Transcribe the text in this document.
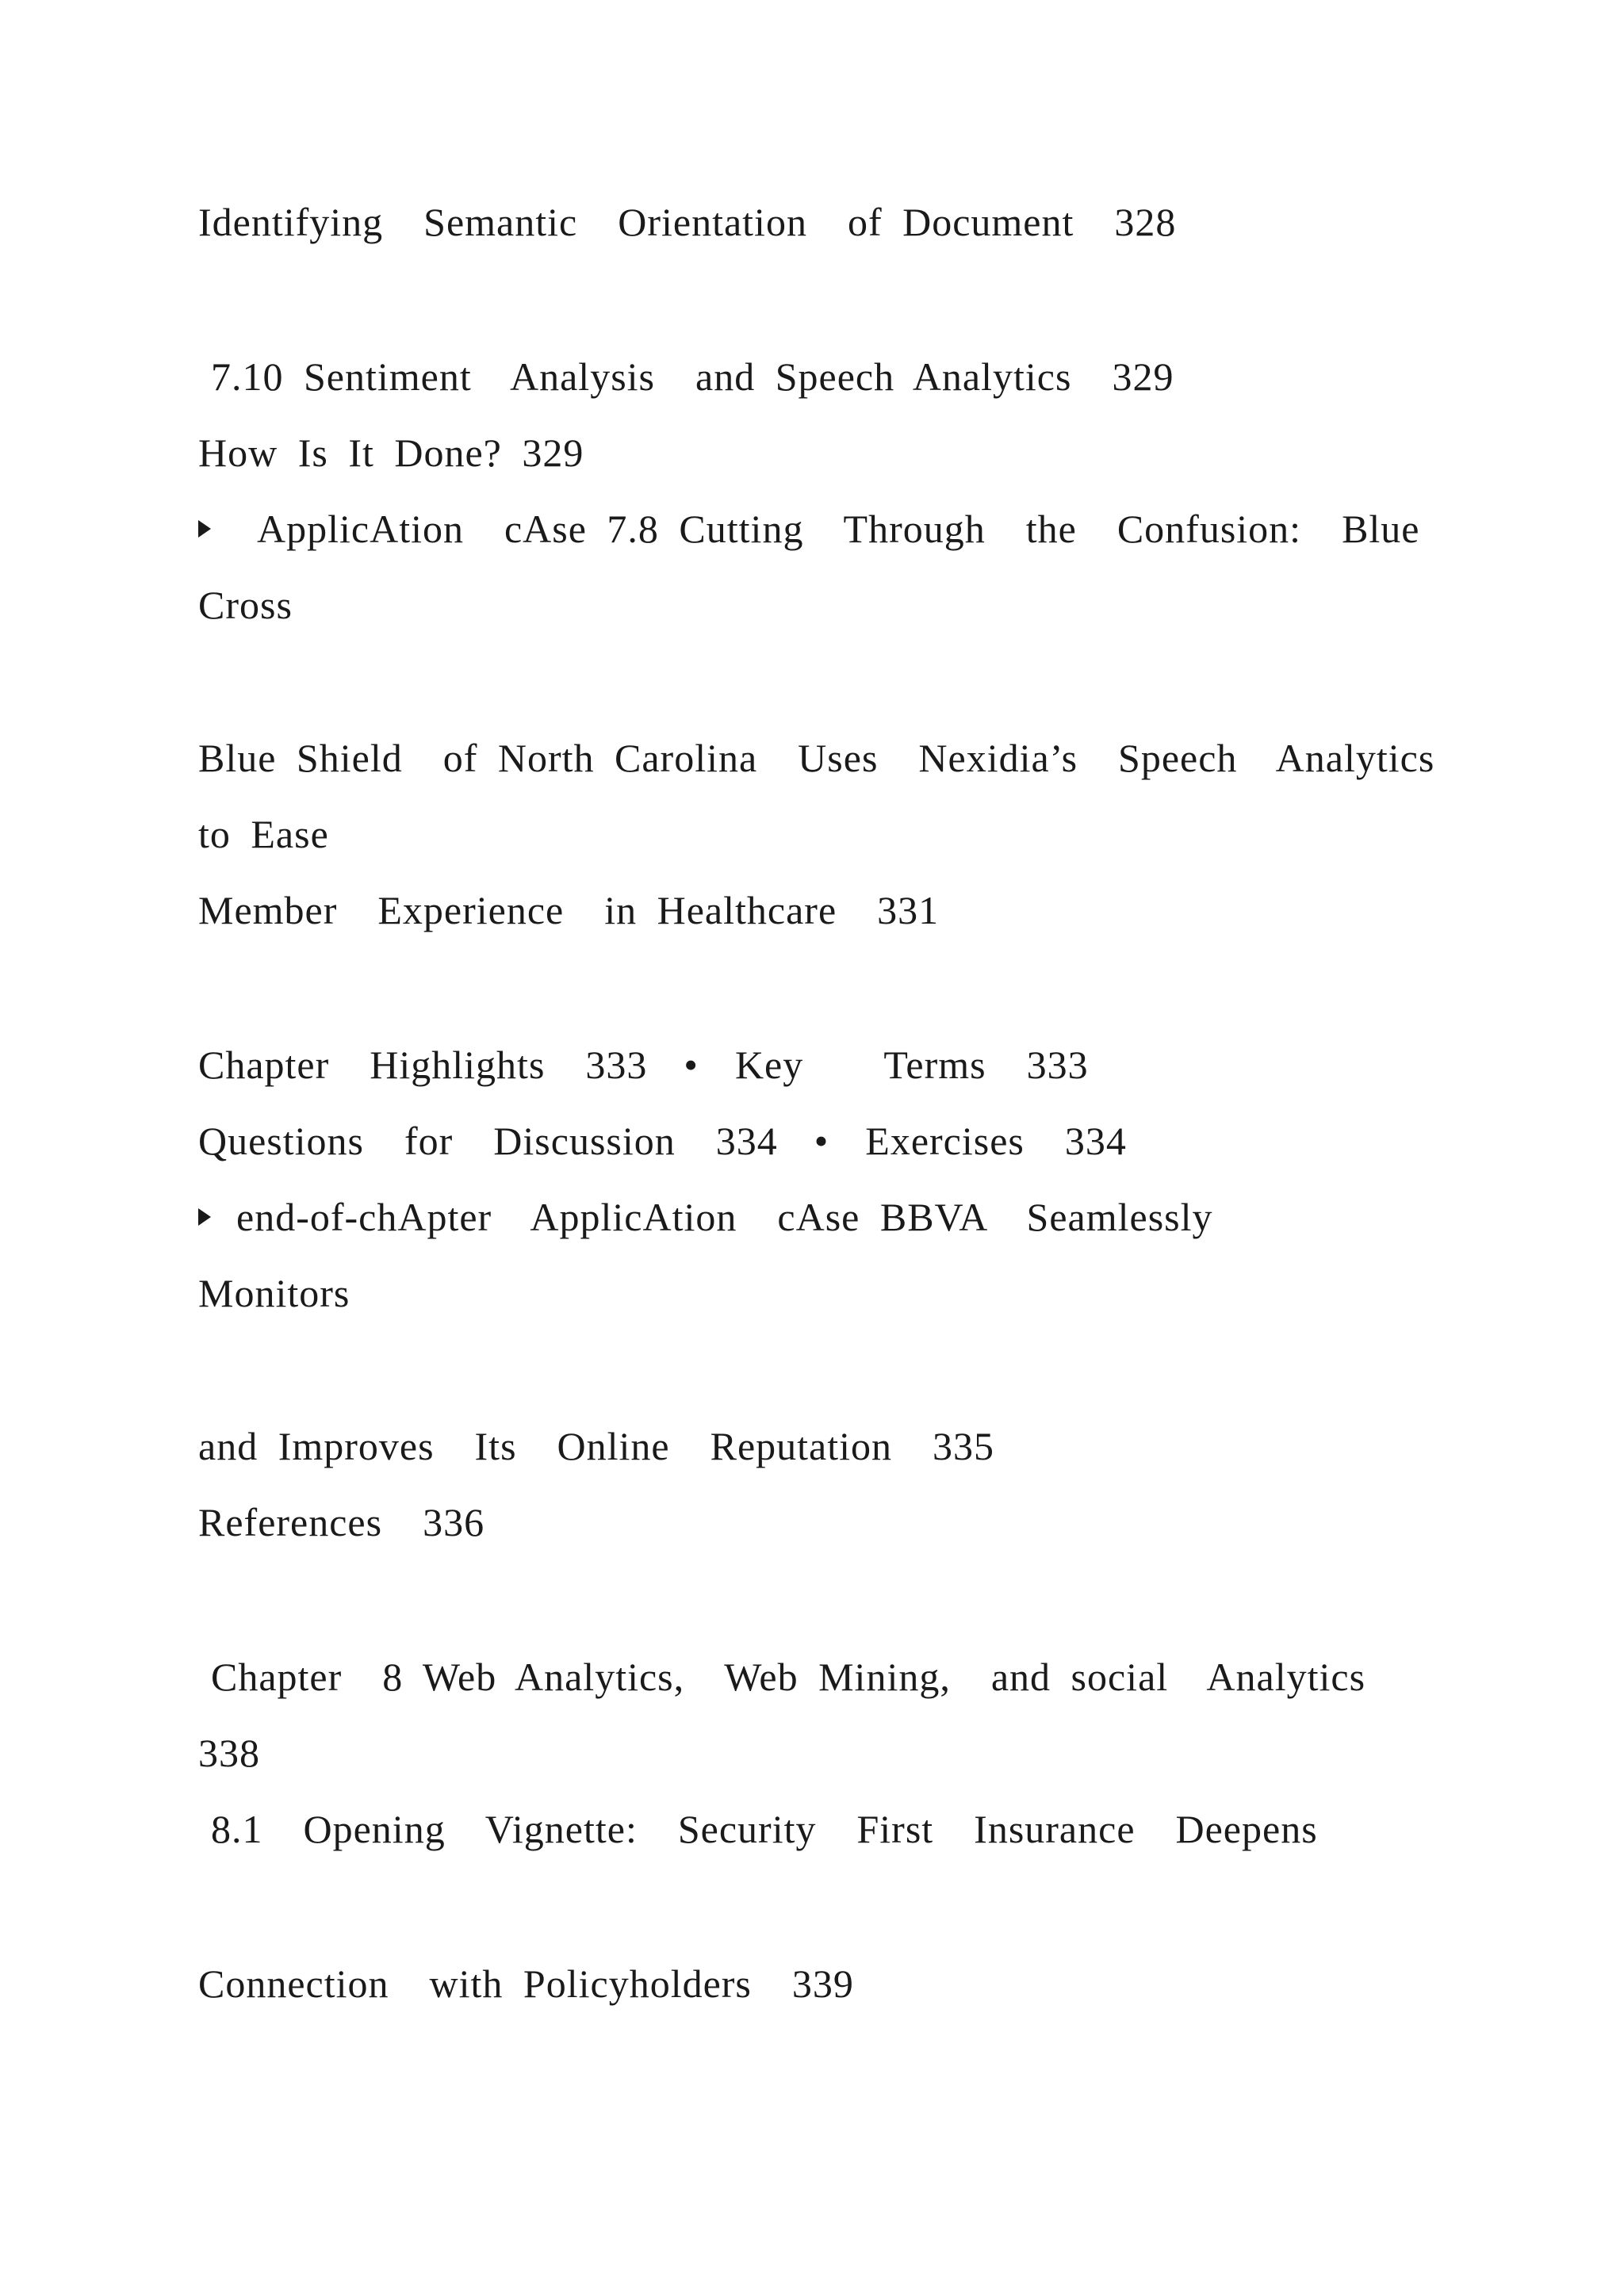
Identifying  Semantic  Orientation  of Document  328
7.10 Sentiment  Analysis  and Speech Analytics  329
How Is It Done? 329
ApplicAtion  cAse 7.8 Cutting  Through  the  Confusion:  Blue
Cross
Blue Shield  of North Carolina  Uses  Nexidia’s  Speech  Analytics
to Ease
Member  Experience  in Healthcare  331
Chapter  Highlights  333 • Key    Terms  333
Questions  for  Discussion  334 • Exercises  334
end-of-chApter  ApplicAtion  cAse BBVA  Seamlessly
Monitors
and Improves  Its  Online  Reputation  335
References  336
Chapter  8 Web Analytics,  Web Mining,  and social  Analytics
338
8.1  Opening  Vignette:  Security  First  Insurance  Deepens
Connection  with Policyholders  339
